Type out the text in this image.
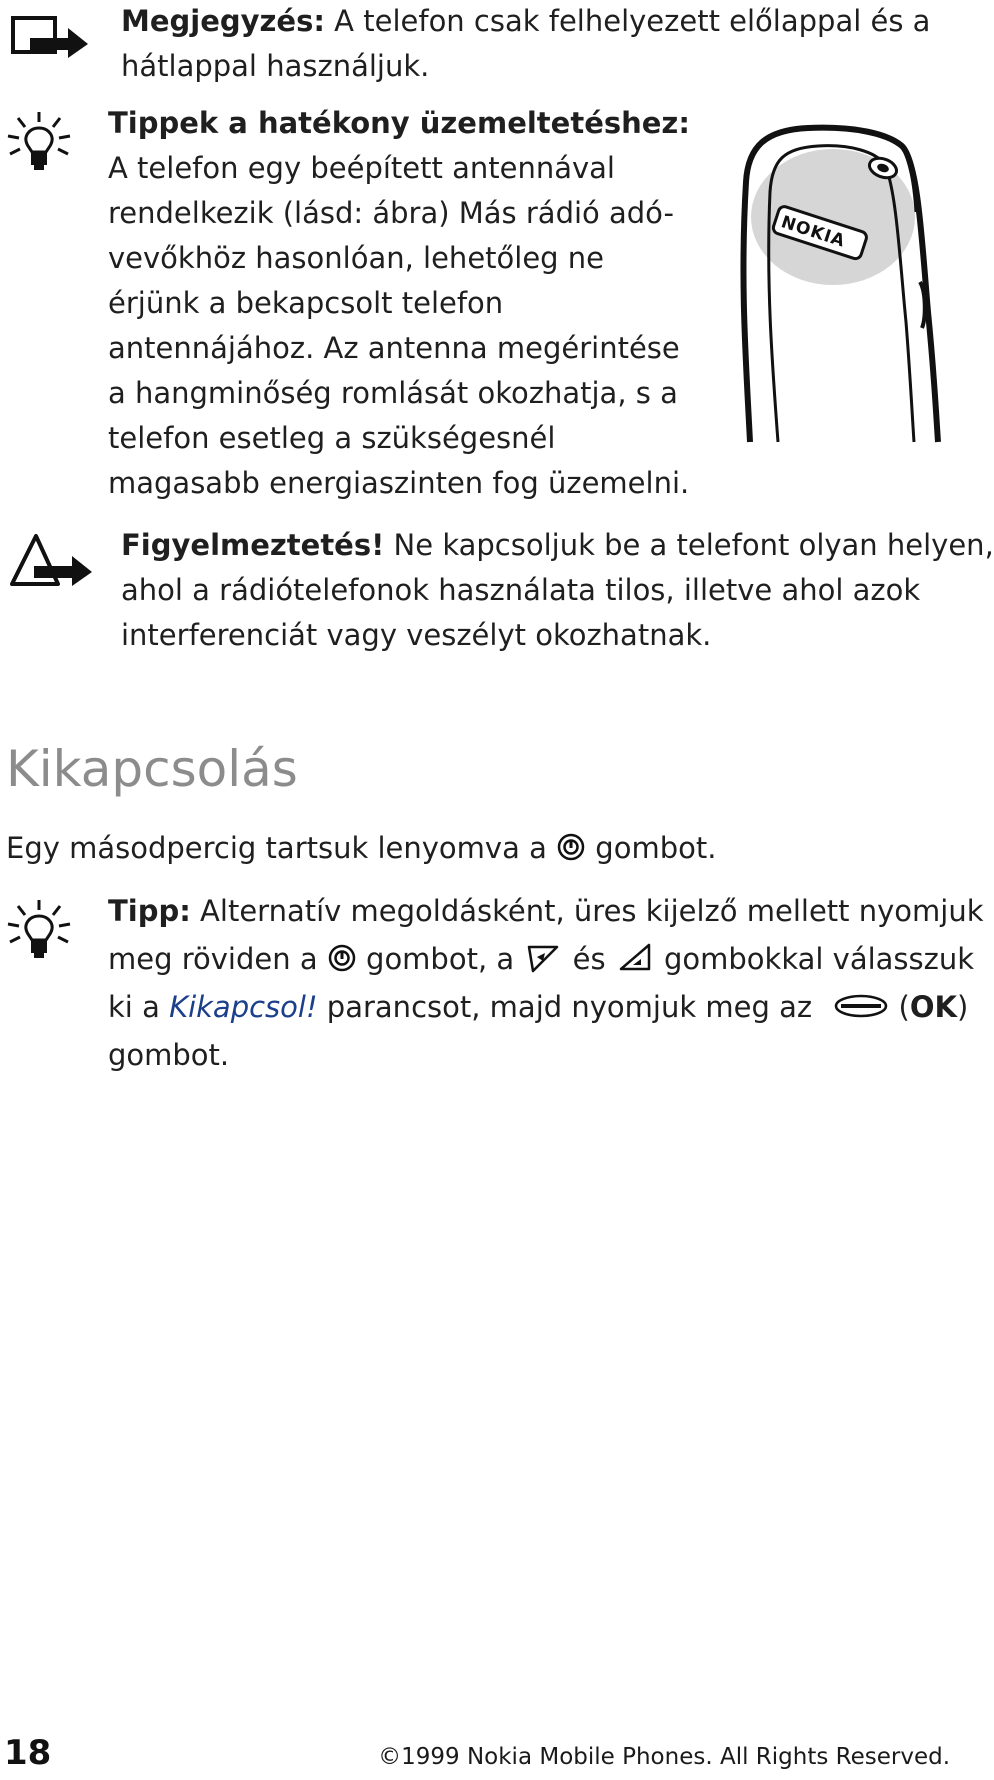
Megjegyzés: A telefon csak felhelyezett előlappal és a
hátlappal használjuk.
Tippek a hatékony üzemeltetéshez:
A telefon egy beépített antennával
rendelkezik (lásd: ábra) Más rádió adó-
vevőkhöz hasonlóan, lehetőleg ne
érjünk a bekapcsolt telefon
antennájához. Az antenna megérintése
a hangminőség romlását okozhatja, s a
telefon esetleg a szükségesnél
magasabb energiaszinten fog üzemelni.
NOKIA
Figyelmeztetés! Ne kapcsoljuk be a telefont olyan helyen,
ahol a rádiótelefonok használata tilos, illetve ahol azok
interferenciát vagy veszélyt okozhatnak.
Kikapcsolás
Egy másodpercig tartsuk lenyomva a
gombot.
Tipp: Alternatív megoldásként, üres kijelző mellett nyomjuk
meg röviden a
gombot, a
és
gombokkal válasszuk
ki a Kikapcsol! parancsot, majd nyomjuk meg az
(OK)
gombot.
18	©1999 Nokia Mobile Phones. All Rights Reserved.
